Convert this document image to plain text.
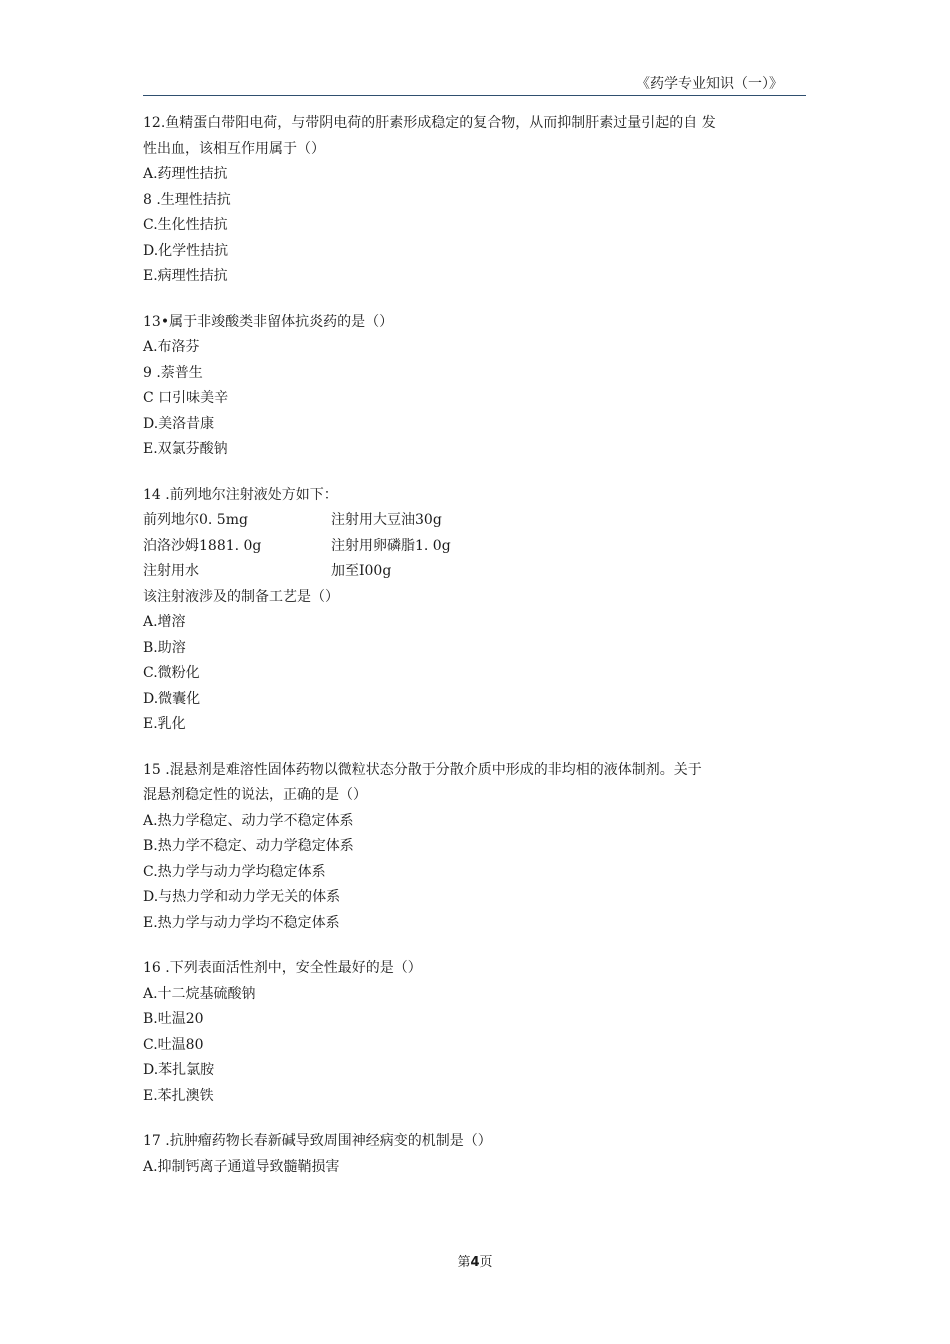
《药学专业知识（一）》

12.鱼精蛋白带阳电荷，与带阴电荷的肝素形成稳定的复合物，从而抑制肝素过量引起的自 发

性出血，该相互作用属于（）

A.药理性拮抗

8 .生理性拮抗

C.生化性拮抗

D.化学性拮抗

E.病理性拮抗

13•属于非竣酸类非留体抗炎药的是（）

A.布洛芬

9 .萘普生

C 口引味美辛

D.美洛昔康

E.双氯芬酸钠

14 .前列地尔注射液处方如下：

前列地尔0. 5mg	注射用大豆油30g
泊洛沙姆1881. 0g	注射用卵磷脂1. 0g
注射用水	加至I00g

该注射液涉及的制备工艺是（）

A.增溶

B.助溶

C.微粉化

D.微囊化

E.乳化

15 .混悬剂是难溶性固体药物以微粒状态分散于分散介质中形成的非均相的液体制剂。关于

混悬剂稳定性的说法，正确的是（）

A.热力学稳定、动力学不稳定体系

B.热力学不稳定、动力学稳定体系

C.热力学与动力学均稳定体系

D.与热力学和动力学无关的体系

E.热力学与动力学均不稳定体系

16 .下列表面活性剂中，安全性最好的是（）

A.十二烷基硫酸钠

B.吐温20

C.吐温80

D.苯扎氯胺

E.苯扎澳铁

17 .抗肿瘤药物长春新碱导致周围神经病变的机制是（）

A.抑制钙离子通道导致髓鞘损害

第4页
